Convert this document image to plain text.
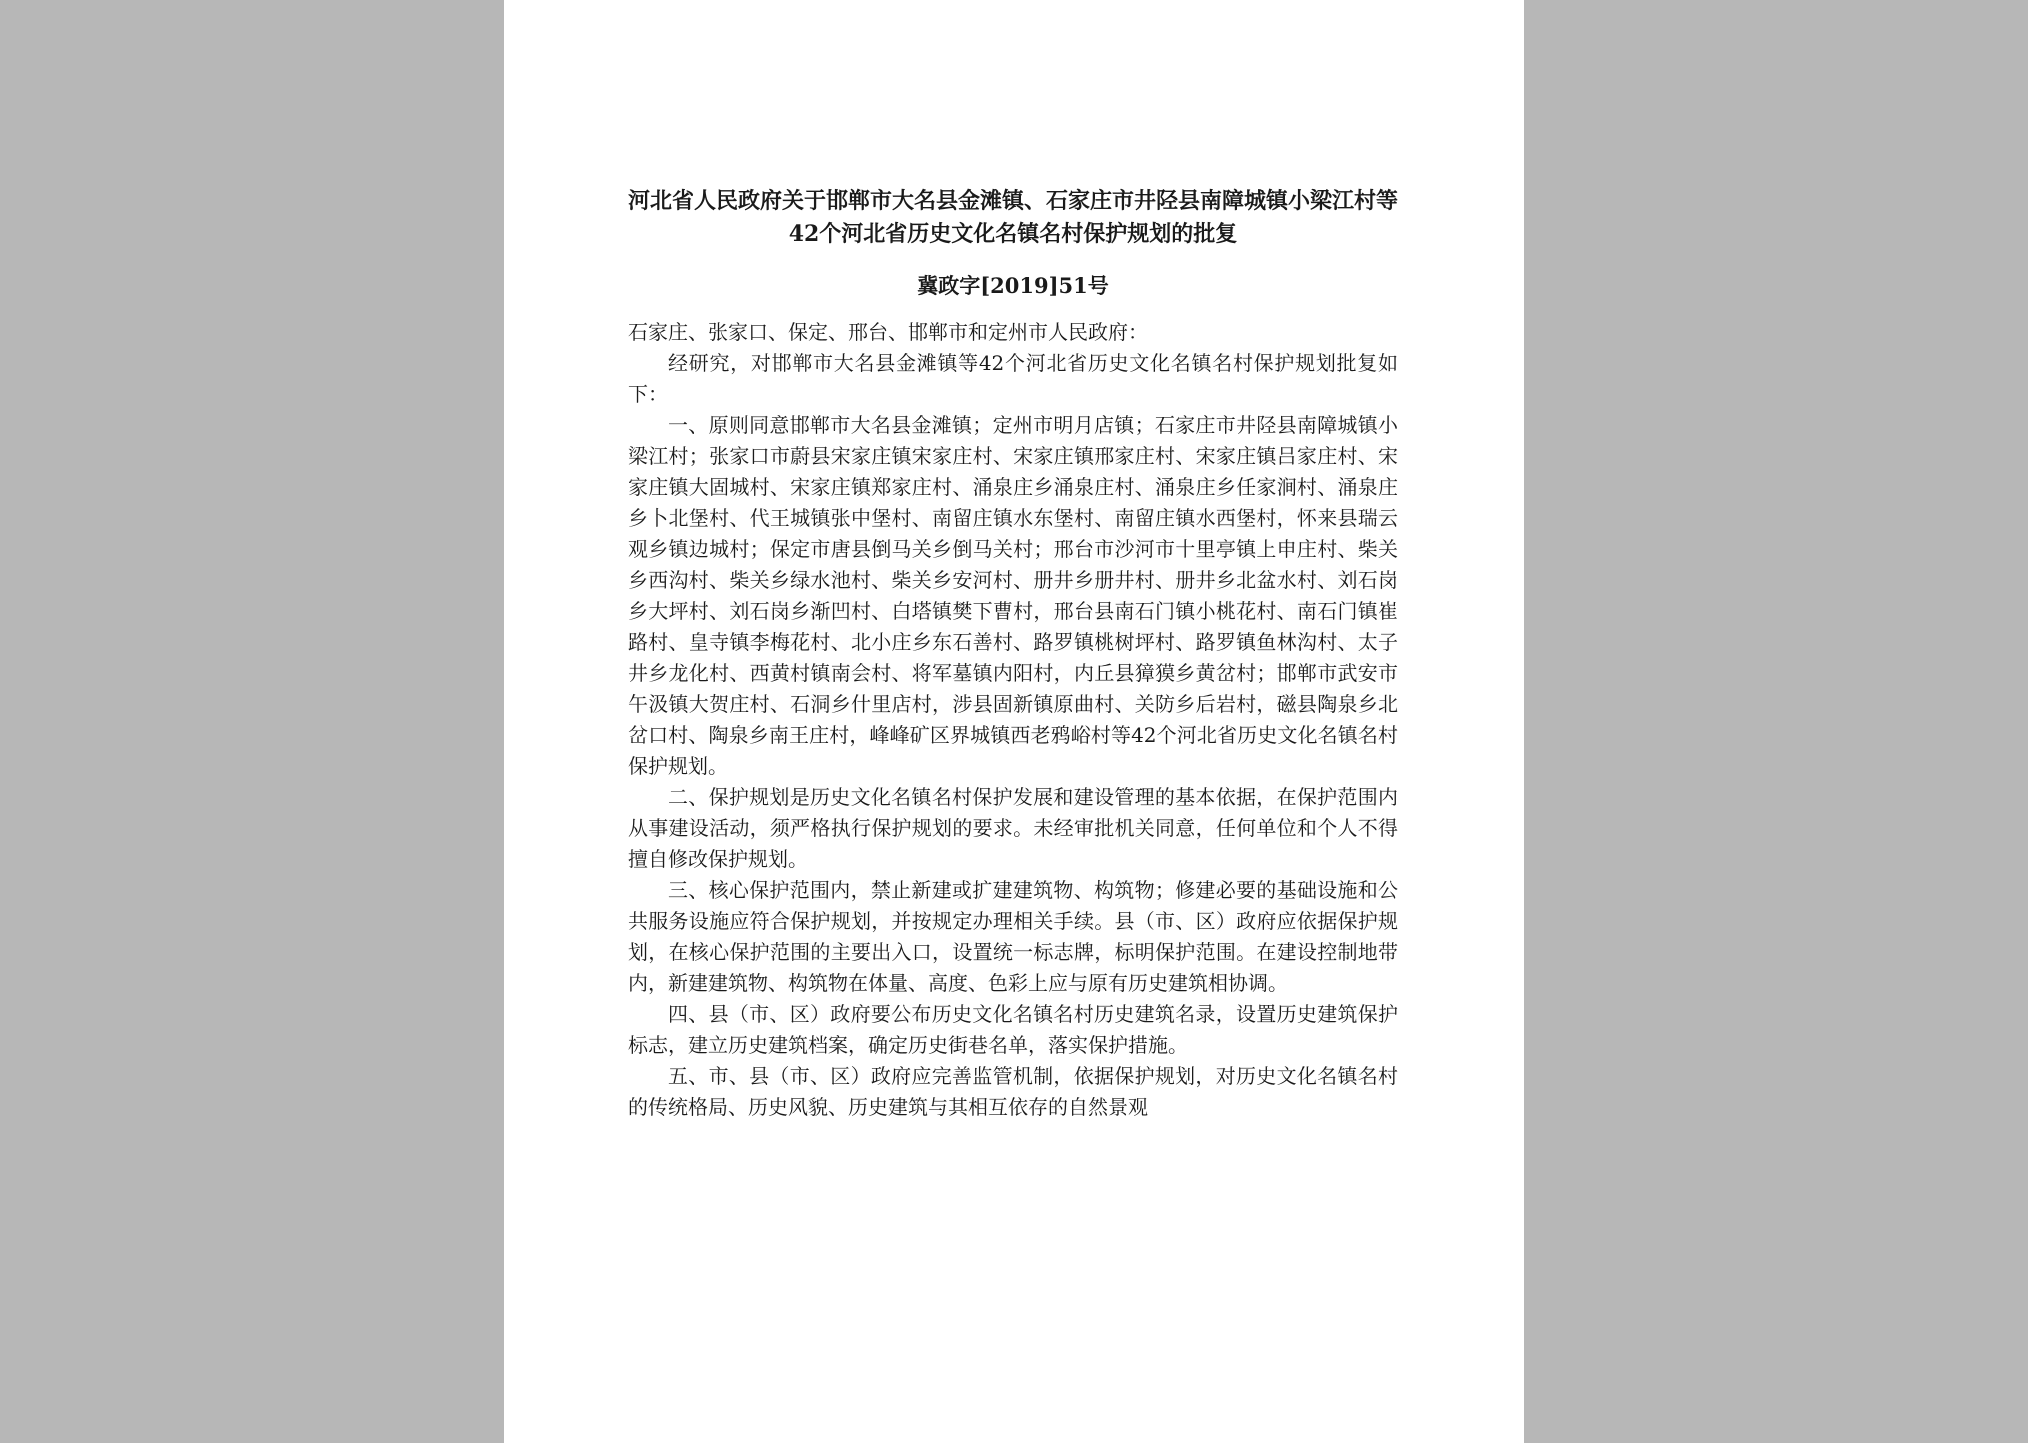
河北省人民政府关于邯郸市大名县金滩镇、石家庄市井陉县南障城镇小梁江村等42个河北省历史文化名镇名村保护规划的批复
冀政字[2019]51号

石家庄、张家口、保定、邢台、邯郸市和定州市人民政府：

经研究，对邯郸市大名县金滩镇等42个河北省历史文化名镇名村保护规划批复如下：

一、原则同意邯郸市大名县金滩镇；定州市明月店镇；石家庄市井陉县南障城镇小梁江村；张家口市蔚县宋家庄镇宋家庄村、宋家庄镇邢家庄村、宋家庄镇吕家庄村、宋家庄镇大固城村、宋家庄镇郑家庄村、涌泉庄乡涌泉庄村、涌泉庄乡任家涧村、涌泉庄乡卜北堡村、代王城镇张中堡村、南留庄镇水东堡村、南留庄镇水西堡村，怀来县瑞云观乡镇边城村；保定市唐县倒马关乡倒马关村；邢台市沙河市十里亭镇上申庄村、柴关乡西沟村、柴关乡绿水池村、柴关乡安河村、册井乡册井村、册井乡北盆水村、刘石岗乡大坪村、刘石岗乡渐凹村、白塔镇樊下曹村，邢台县南石门镇小桃花村、南石门镇崔路村、皇寺镇李梅花村、北小庄乡东石善村、路罗镇桃树坪村、路罗镇鱼林沟村、太子井乡龙化村、西黄村镇南会村、将军墓镇内阳村，内丘县獐獏乡黄岔村；邯郸市武安市午汲镇大贺庄村、石洞乡什里店村，涉县固新镇原曲村、关防乡后岩村，磁县陶泉乡北岔口村、陶泉乡南王庄村，峰峰矿区界城镇西老鸦峪村等42个河北省历史文化名镇名村保护规划。

二、保护规划是历史文化名镇名村保护发展和建设管理的基本依据，在保护范围内从事建设活动，须严格执行保护规划的要求。未经审批机关同意，任何单位和个人不得擅自修改保护规划。

三、核心保护范围内，禁止新建或扩建建筑物、构筑物；修建必要的基础设施和公共服务设施应符合保护规划，并按规定办理相关手续。县（市、区）政府应依据保护规划，在核心保护范围的主要出入口，设置统一标志牌，标明保护范围。在建设控制地带内，新建建筑物、构筑物在体量、高度、色彩上应与原有历史建筑相协调。

四、县（市、区）政府要公布历史文化名镇名村历史建筑名录，设置历史建筑保护标志，建立历史建筑档案，确定历史街巷名单，落实保护措施。

五、市、县（市、区）政府应完善监管机制，依据保护规划，对历史文化名镇名村的传统格局、历史风貌、历史建筑与其相互依存的自然景观
